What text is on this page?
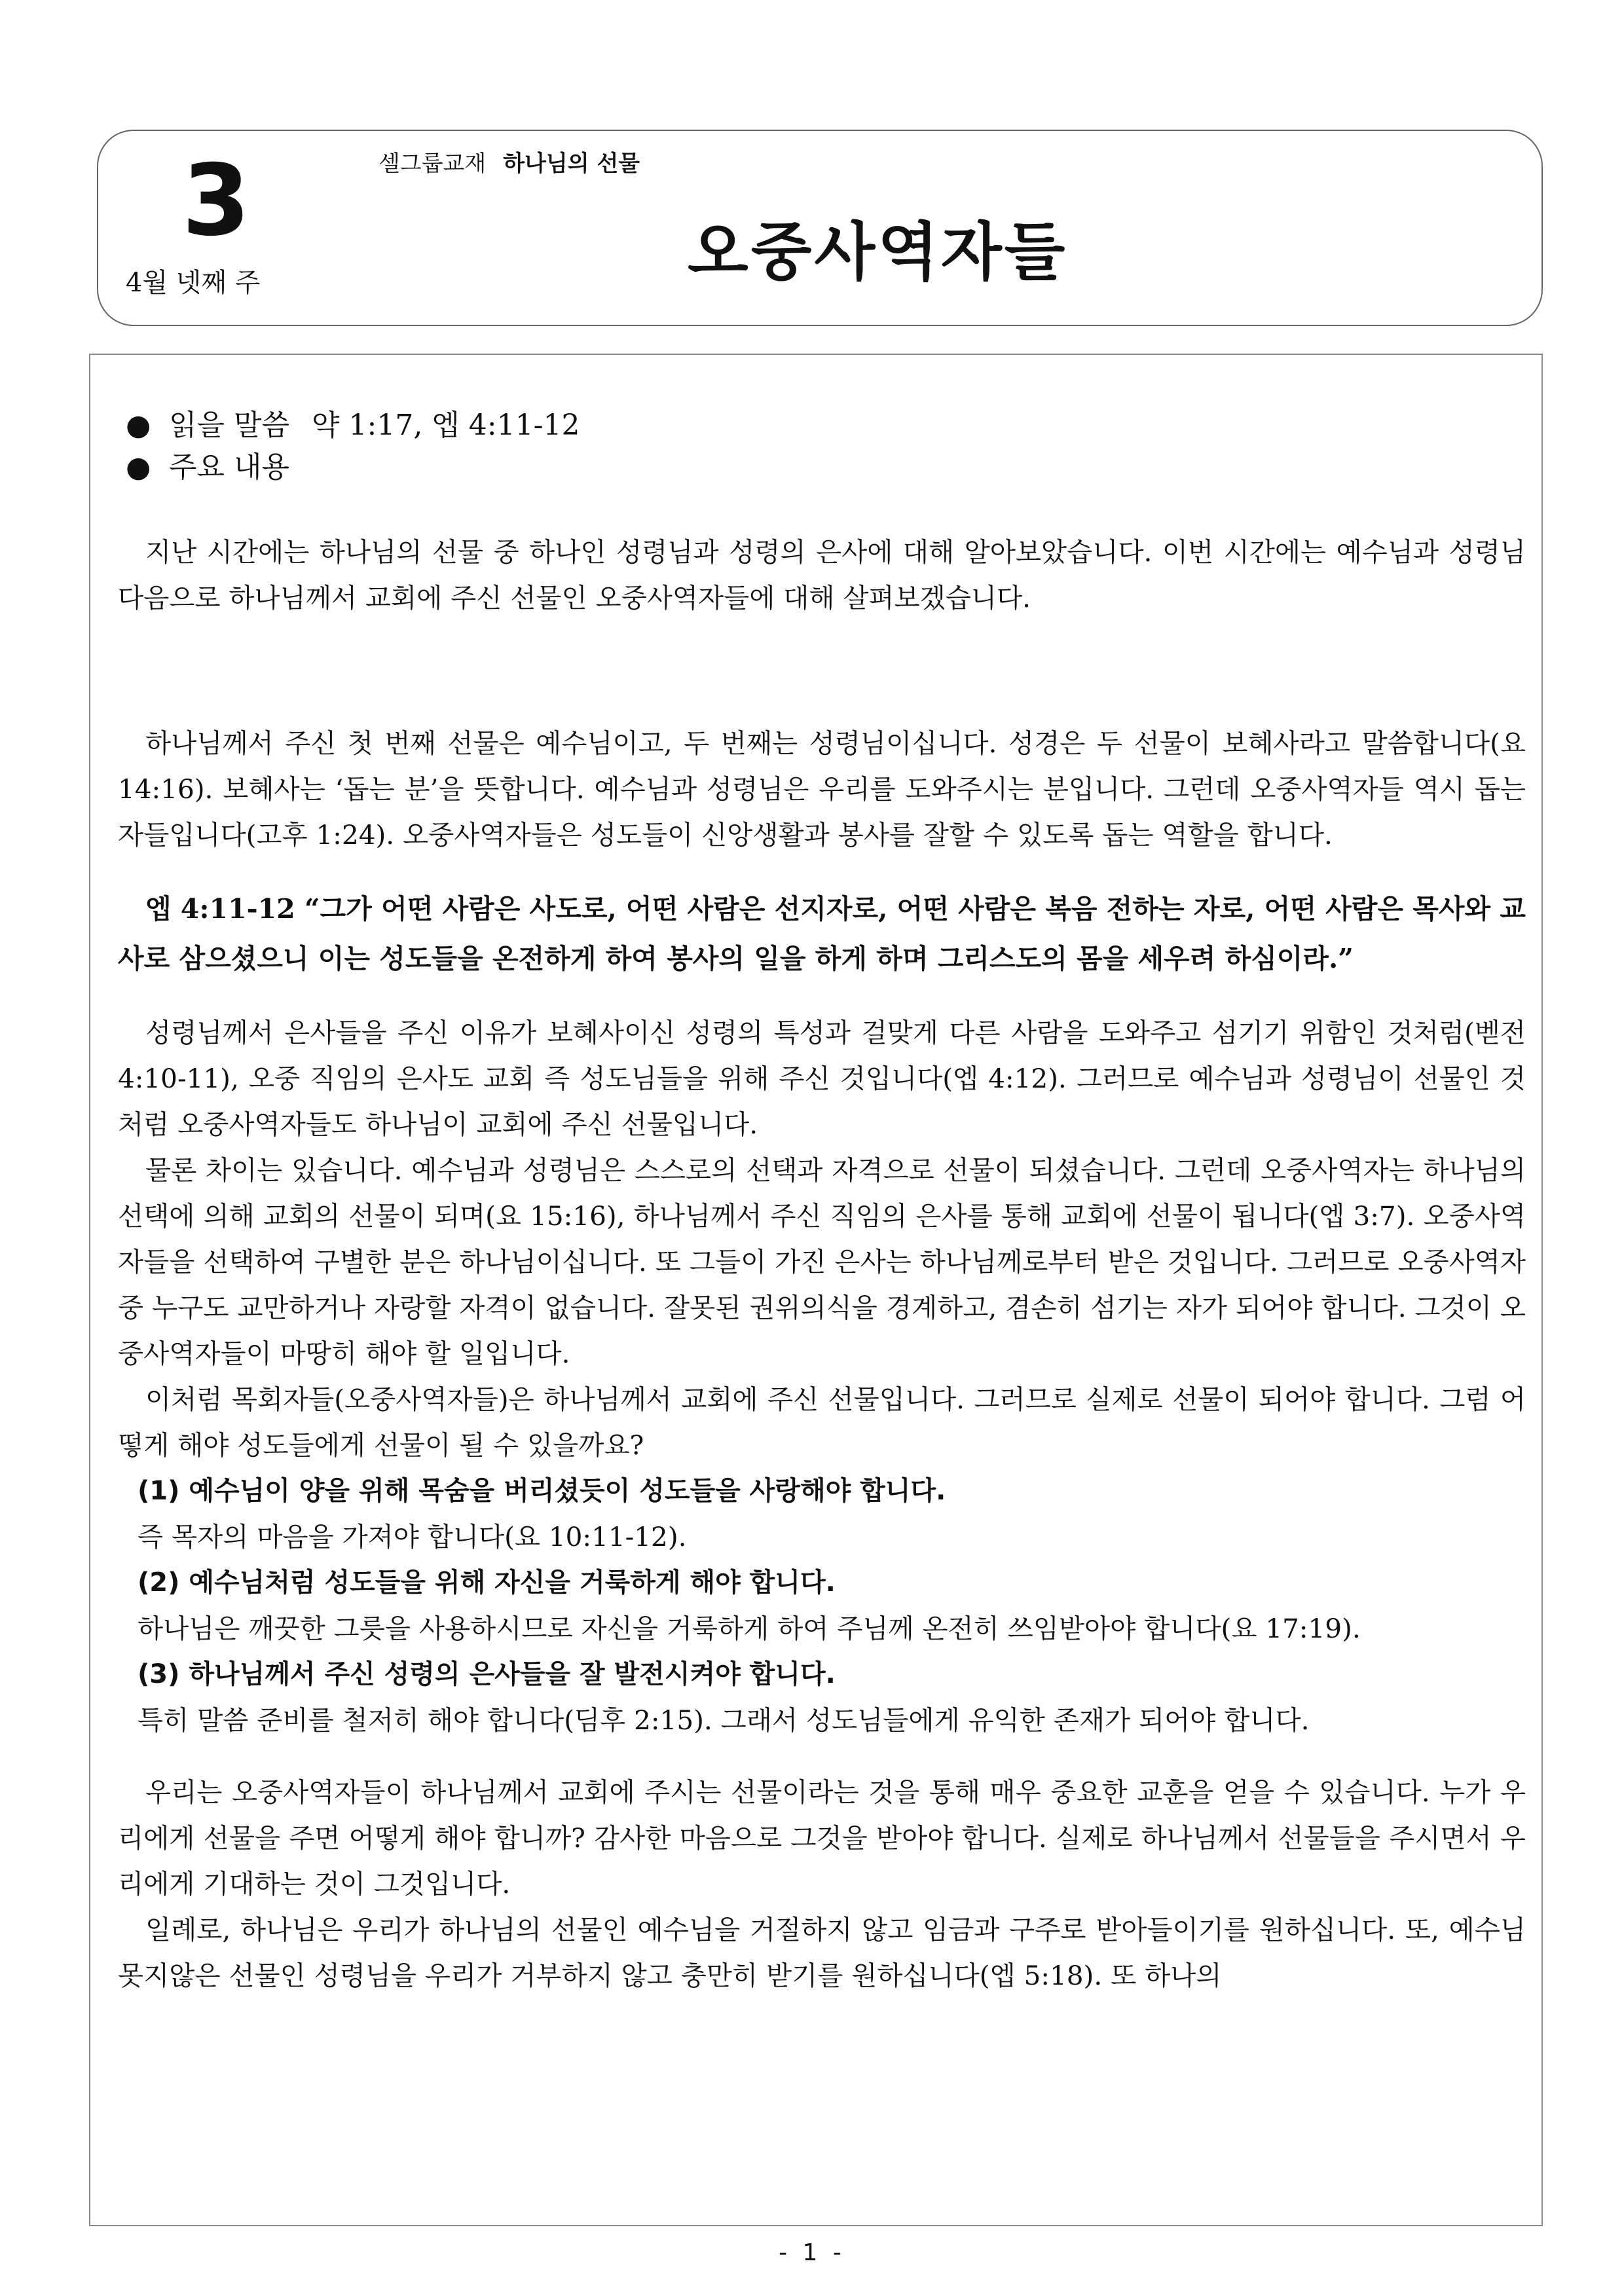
3
4월 넷째 주
셀그룹교재 하나님의 선물
오중사역자들
● 읽을 말씀 약 1:17, 엡 4:11-12
● 주요 내용

지난 시간에는 하나님의 선물 중 하나인 성령님과 성령의 은사에 대해 알아보았습니다. 이번 시간에는 예수님과 성령님 다음으로 하나님께서 교회에 주신 선물인 오중사역자들에 대해 살펴보겠습니다.

하나님께서 주신 첫 번째 선물은 예수님이고, 두 번째는 성령님이십니다. 성경은 두 선물이 보혜사라고 말씀합니다(요 14:16). 보혜사는 ‘돕는 분’을 뜻합니다. 예수님과 성령님은 우리를 도와주시는 분입니다. 그런데 오중사역자들 역시 돕는 자들입니다(고후 1:24). 오중사역자들은 성도들이 신앙생활과 봉사를 잘할 수 있도록 돕는 역할을 합니다.

엡 4:11-12 “그가 어떤 사람은 사도로, 어떤 사람은 선지자로, 어떤 사람은 복음 전하는 자로, 어떤 사람은 목사와 교사로 삼으셨으니 이는 성도들을 온전하게 하여 봉사의 일을 하게 하며 그리스도의 몸을 세우려 하심이라.”

성령님께서 은사들을 주신 이유가 보혜사이신 성령의 특성과 걸맞게 다른 사람을 도와주고 섬기기 위함인 것처럼(벧전 4:10-11), 오중 직임의 은사도 교회 즉 성도님들을 위해 주신 것입니다(엡 4:12). 그러므로 예수님과 성령님이 선물인 것처럼 오중사역자들도 하나님이 교회에 주신 선물입니다.

물론 차이는 있습니다. 예수님과 성령님은 스스로의 선택과 자격으로 선물이 되셨습니다. 그런데 오중사역자는 하나님의 선택에 의해 교회의 선물이 되며(요 15:16), 하나님께서 주신 직임의 은사를 통해 교회에 선물이 됩니다(엡 3:7). 오중사역자들을 선택하여 구별한 분은 하나님이십니다. 또 그들이 가진 은사는 하나님께로부터 받은 것입니다. 그러므로 오중사역자 중 누구도 교만하거나 자랑할 자격이 없습니다. 잘못된 권위의식을 경계하고, 겸손히 섬기는 자가 되어야 합니다. 그것이 오중사역자들이 마땅히 해야 할 일입니다.

이처럼 목회자들(오중사역자들)은 하나님께서 교회에 주신 선물입니다. 그러므로 실제로 선물이 되어야 합니다. 그럼 어떻게 해야 성도들에게 선물이 될 수 있을까요?

(1) 예수님이 양을 위해 목숨을 버리셨듯이 성도들을 사랑해야 합니다.

즉 목자의 마음을 가져야 합니다(요 10:11-12).

(2) 예수님처럼 성도들을 위해 자신을 거룩하게 해야 합니다.

하나님은 깨끗한 그릇을 사용하시므로 자신을 거룩하게 하여 주님께 온전히 쓰임받아야 합니다(요 17:19).

(3) 하나님께서 주신 성령의 은사들을 잘 발전시켜야 합니다.

특히 말씀 준비를 철저히 해야 합니다(딤후 2:15). 그래서 성도님들에게 유익한 존재가 되어야 합니다.

우리는 오중사역자들이 하나님께서 교회에 주시는 선물이라는 것을 통해 매우 중요한 교훈을 얻을 수 있습니다. 누가 우리에게 선물을 주면 어떻게 해야 합니까? 감사한 마음으로 그것을 받아야 합니다. 실제로 하나님께서 선물들을 주시면서 우리에게 기대하는 것이 그것입니다.

일례로, 하나님은 우리가 하나님의 선물인 예수님을 거절하지 않고 임금과 구주로 받아들이기를 원하십니다. 또, 예수님 못지않은 선물인 성령님을 우리가 거부하지 않고 충만히 받기를 원하십니다(엡 5:18). 또 하나의

- 1 -
